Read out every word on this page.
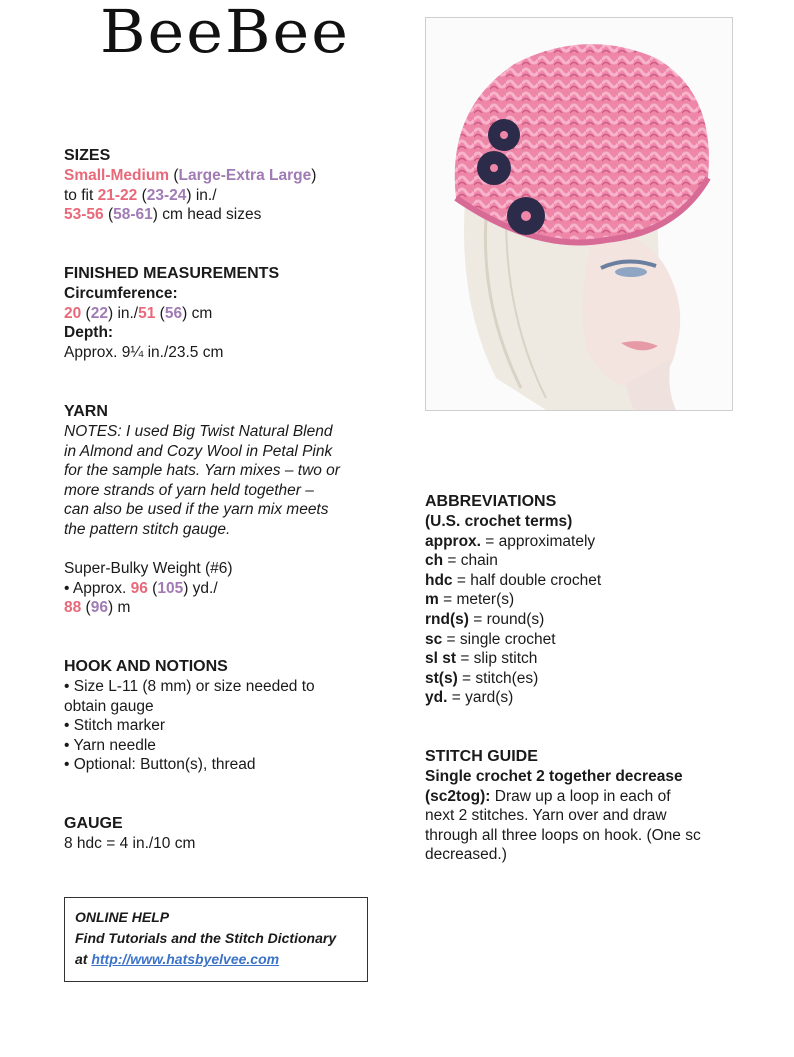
BeeBee

SIZES

Small-Medium (Large-Extra Large)
to fit 21-22 (23-24) in./
53-56 (58-61) cm head sizes

FINISHED MEASUREMENTS

Circumference:
20 (22) in./51 (56) cm
Depth:
Approx. 9¼ in./23.5 cm

YARN

NOTES: I used Big Twist Natural Blend
in Almond and Cozy Wool in Petal Pink
for the sample hats. Yarn mixes – two or
more strands of yarn held together –
can also be used if the yarn mix meets
the pattern stitch gauge.
Super-Bulky Weight (#6)
• Approx. 96 (105) yd./
88 (96) m

HOOK AND NOTIONS

• Size L-11 (8 mm) or size needed to
obtain gauge
• Stitch marker
• Yarn needle
• Optional: Button(s), thread

GAUGE

8 hdc = 4 in./10 cm
ONLINE HELP
Find Tutorials and the Stitch Dictionary
at http://www.hatsbyelvee.com

ABBREVIATIONS

(U.S. crochet terms)
approx. = approximately
ch = chain
hdc = half double crochet
m = meter(s)
rnd(s) = round(s)
sc = single crochet
sl st = slip stitch
st(s) = stitch(es)
yd. = yard(s)

STITCH GUIDE

Single crochet 2 together decrease
(sc2tog): Draw up a loop in each of
next 2 stitches. Yarn over and draw
through all three loops on hook. (One sc
decreased.)
